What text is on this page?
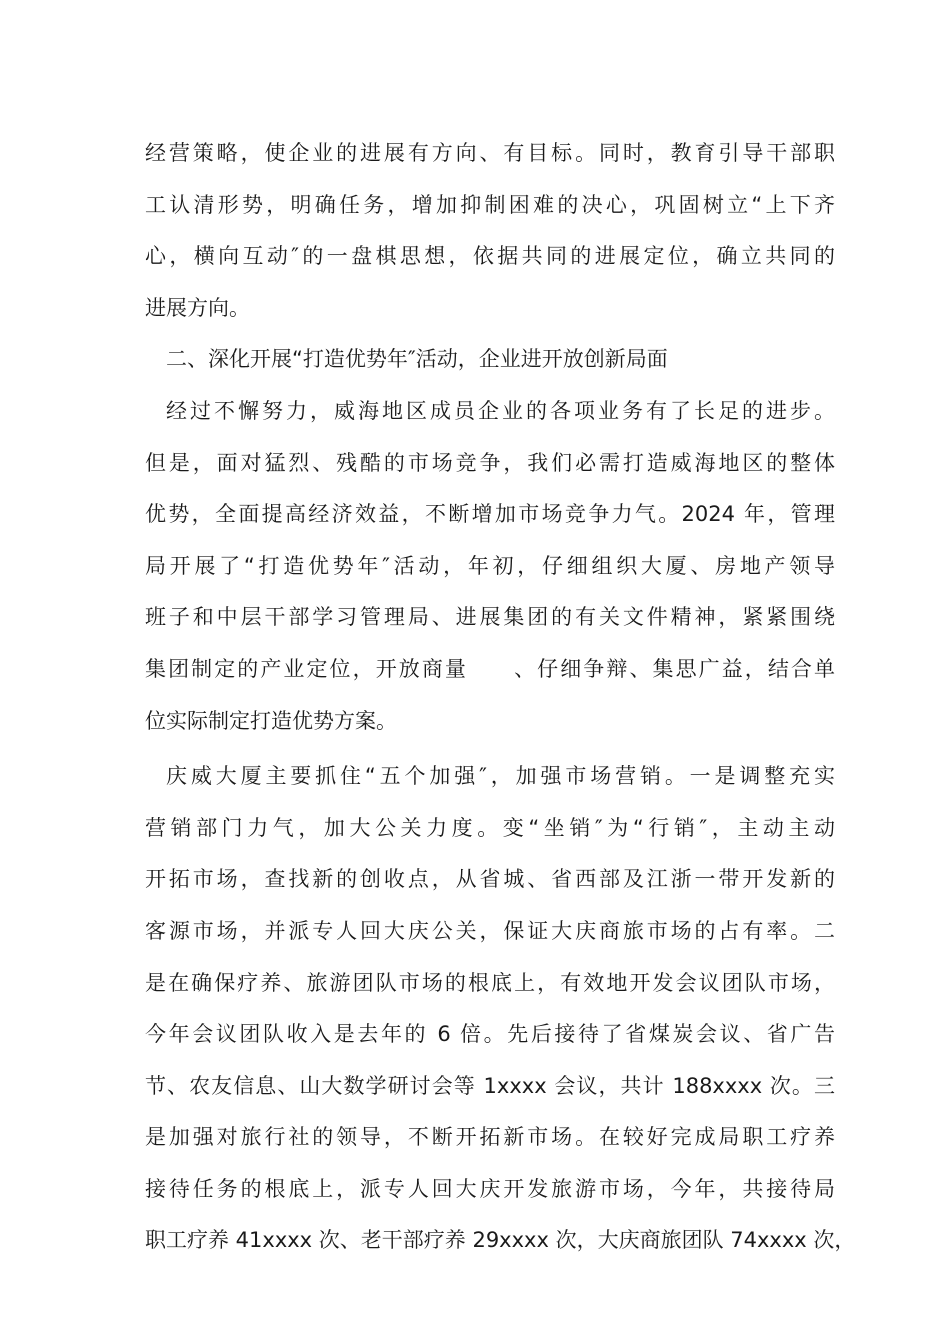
经营策略，使企业的进展有方向、有目标。同时，教育引导干部职
工认清形势，明确任务，增加抑制困难的决心，巩固树立“上下齐
心，横向互动″的一盘棋思想，依据共同的进展定位，确立共同的
进展方向。
二、深化开展“打造优势年″活动，企业进开放创新局面
经过不懈努力，威海地区成员企业的各项业务有了长足的进步。
但是，面对猛烈、残酷的市场竞争，我们必需打造威海地区的整体
优势，全面提高经济效益，不断增加市场竞争力气。2024 年，管理
局开展了“打造优势年″活动，年初，仔细组织大厦、房地产领导
班子和中层干部学习管理局、进展集团的有关文件精神，紧紧围绕
集团制定的产业定位，开放商量　　、仔细争辩、集思广益，结合单
位实际制定打造优势方案。
庆威大厦主要抓住“五个加强″，加强市场营销。一是调整充实
营销部门力气，加大公关力度。变“坐销″为“行销″，主动主动
开拓市场，查找新的创收点，从省城、省西部及江浙一带开发新的
客源市场，并派专人回大庆公关，保证大庆商旅市场的占有率。二
是在确保疗养、旅游团队市场的根底上，有效地开发会议团队市场，
今年会议团队收入是去年的 6 倍。先后接待了省煤炭会议、省广告
节、农友信息、山大数学研讨会等 1xxxx 会议，共计 188xxxx 次。三
是加强对旅行社的领导，不断开拓新市场。在较好完成局职工疗养
接待任务的根底上，派专人回大庆开发旅游市场，今年，共接待局
职工疗养 41xxxx 次、老干部疗养 29xxxx 次，大庆商旅团队 74xxxx 次，
